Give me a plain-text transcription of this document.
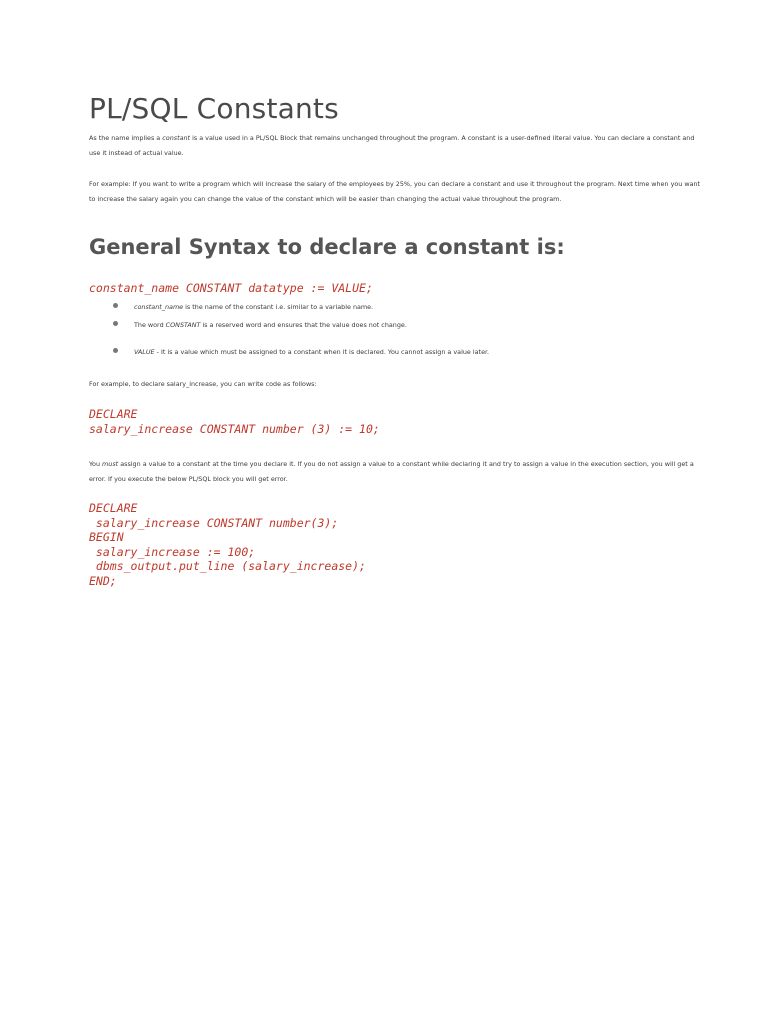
PL/SQL Constants

As the name implies a constant is a value used in a PL/SQL Block that remains unchanged throughout the program. A constant is a user-defined literal value. You can declare a constant and use it instead of actual value.

For example: If you want to write a program which will increase the salary of the employees by 25%, you can declare a constant and use it throughout the program. Next time when you want to increase the salary again you can change the value of the constant which will be easier than changing the actual value throughout the program.

General Syntax to declare a constant is:
constant_name CONSTANT datatype := VALUE;
constant_name is the name of the constant i.e. similar to a variable name.
The word CONSTANT is a reserved word and ensures that the value does not change.
VALUE - It is a value which must be assigned to a constant when it is declared. You cannot assign a value later.

For example, to declare salary_increase, you can write code as follows:

DECLARE
salary_increase CONSTANT number (3) := 10;

You must assign a value to a constant at the time you declare it. If you do not assign a value to a constant while declaring it and try to assign a value in the execution section, you will get a error. If you execute the below PL/SQL block you will get error.

DECLARE
salary_increase CONSTANT number(3);
BEGIN
salary_increase := 100;
dbms_output.put_line (salary_increase);
END;
